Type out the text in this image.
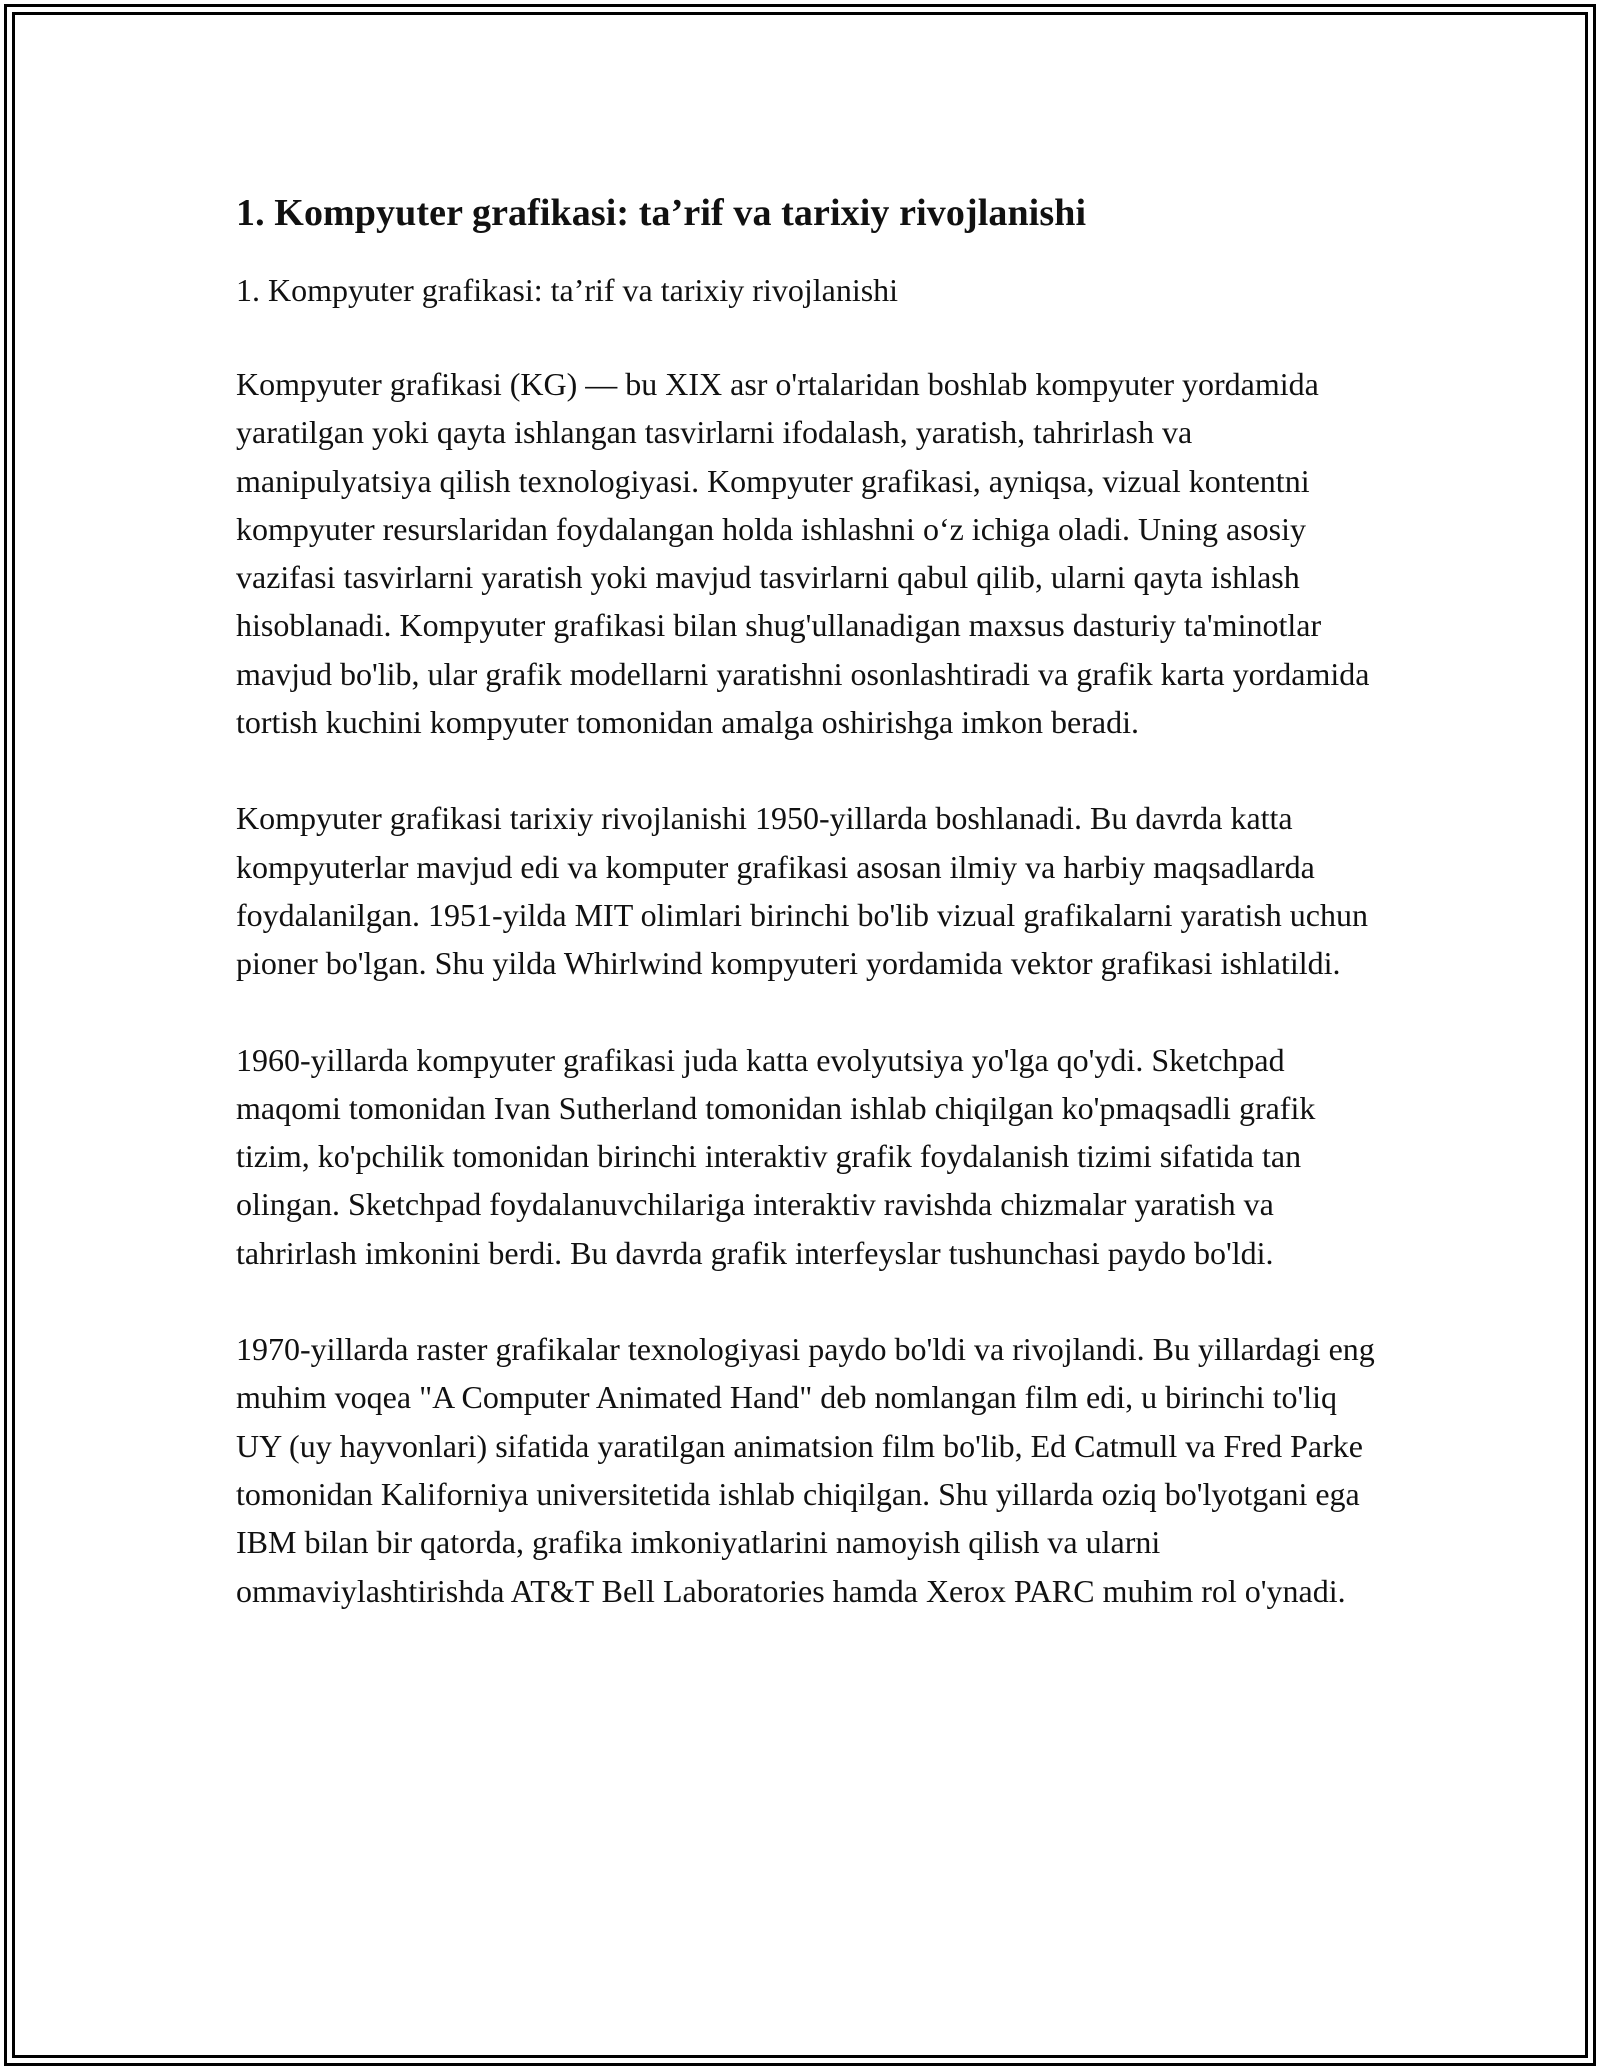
1. Kompyuter grafikasi: ta’rif va tarixiy rivojlanishi

1. Kompyuter grafikasi: ta’rif va tarixiy rivojlanishi

Kompyuter grafikasi (KG) — bu XIX asr o'rtalaridan boshlab kompyuter yordamida yaratilgan yoki qayta ishlangan tasvirlarni ifodalash, yaratish, tahrirlash va manipulyatsiya qilish texnologiyasi. Kompyuter grafikasi, ayniqsa, vizual kontentni kompyuter resurslaridan foydalangan holda ishlashni o‘z ichiga oladi. Uning asosiy vazifasi tasvirlarni yaratish yoki mavjud tasvirlarni qabul qilib, ularni qayta ishlash hisoblanadi. Kompyuter grafikasi bilan shug'ullanadigan maxsus dasturiy ta'minotlar mavjud bo'lib, ular grafik modellarni yaratishni osonlashtiradi va grafik karta yordamida tortish kuchini kompyuter tomonidan amalga oshirishga imkon beradi.

Kompyuter grafikasi tarixiy rivojlanishi 1950-yillarda boshlanadi. Bu davrda katta kompyuterlar mavjud edi va komputer grafikasi asosan ilmiy va harbiy maqsadlarda foydalanilgan. 1951-yilda MIT olimlari birinchi bo'lib vizual grafikalarni yaratish uchun pioner bo'lgan. Shu yilda Whirlwind kompyuteri yordamida vektor grafikasi ishlatildi.

1960-yillarda kompyuter grafikasi juda katta evolyutsiya yo'lga qo'ydi. Sketchpad maqomi tomonidan Ivan Sutherland tomonidan ishlab chiqilgan ko'pmaqsadli grafik tizim, ko'pchilik tomonidan birinchi interaktiv grafik foydalanish tizimi sifatida tan olingan. Sketchpad foydalanuvchilariga interaktiv ravishda chizmalar yaratish va tahrirlash imkonini berdi. Bu davrda grafik interfeyslar tushunchasi paydo bo'ldi.

1970-yillarda raster grafikalar texnologiyasi paydo bo'ldi va rivojlandi. Bu yillardagi eng muhim voqea "A Computer Animated Hand" deb nomlangan film edi, u birinchi to'liq UY (uy hayvonlari) sifatida yaratilgan animatsion film bo'lib, Ed Catmull va Fred Parke tomonidan Kaliforniya universitetida ishlab chiqilgan. Shu yillarda oziq bo'lyotgani ega IBM bilan bir qatorda, grafika imkoniyatlarini namoyish qilish va ularni ommaviylashtirishda AT&T Bell Laboratories hamda Xerox PARC muhim rol o'ynadi.
